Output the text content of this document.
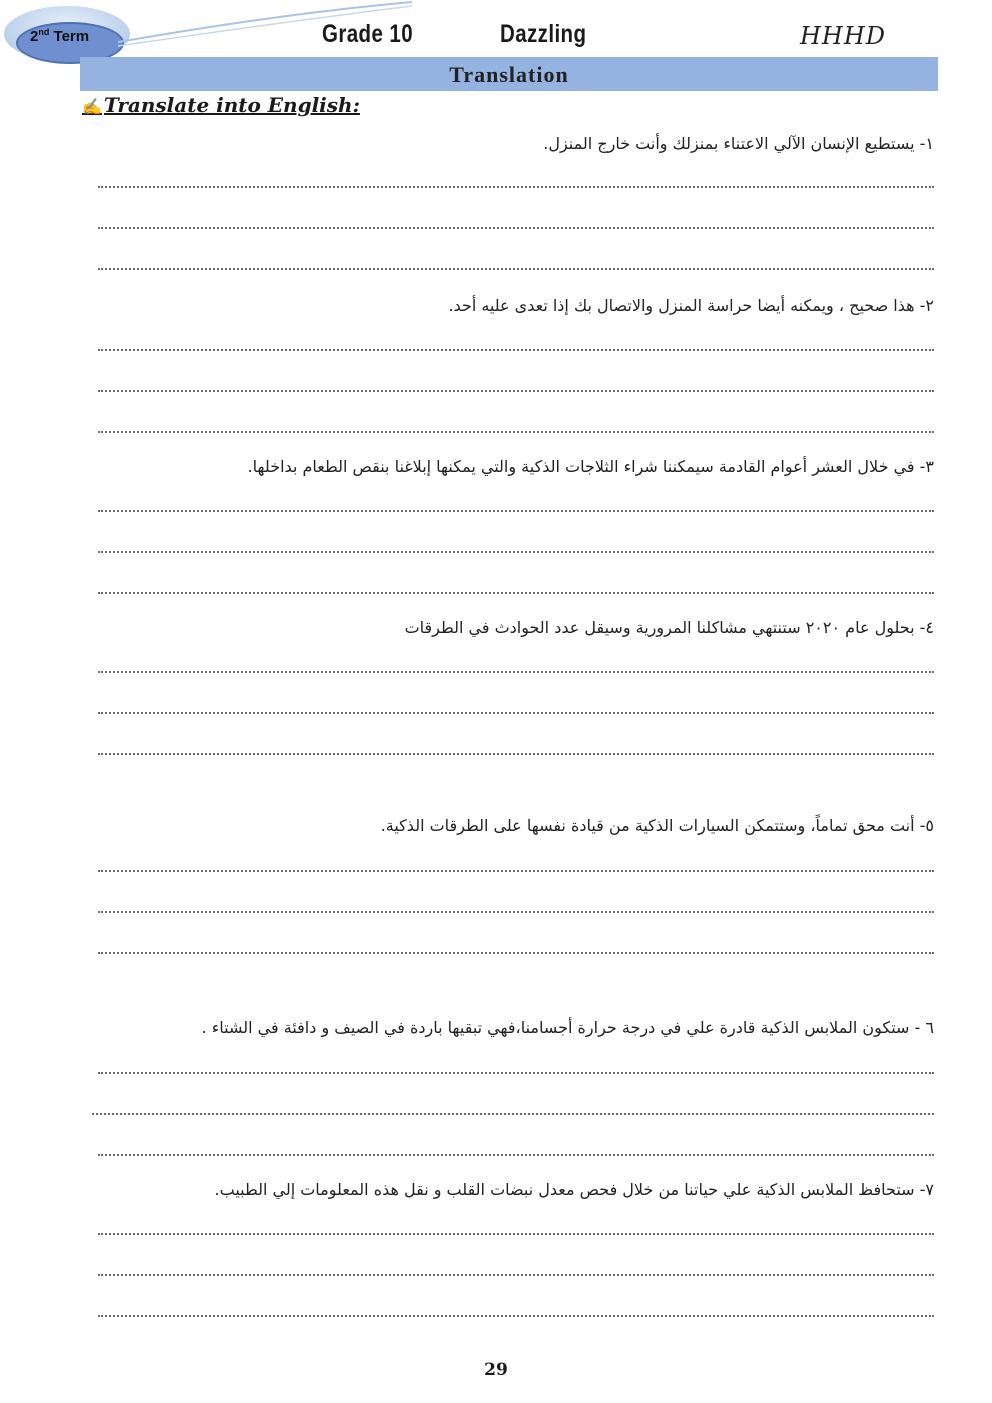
2nd Term	Grade 10	Dazzling	HHHD
Translation
✍ Translate into English:
١- يستطيع الإنسان الآلي الاعتناء بمنزلك وأنت خارج المنزل.
٢- هذا صحيح ، ويمكنه أيضا حراسة المنزل والاتصال بك إذا تعدى عليه أحد.
٣- في خلال العشر أعوام القادمة سيمكننا شراء الثلاجات الذكية والتي يمكنها إبلاغنا بنقص الطعام بداخلها.
٤- بحلول عام ٢٠٢٠ ستنتهي مشاكلنا المرورية وسيقل عدد الحوادث في الطرقات
٥- أنت محق تماماً، وستتمكن السيارات الذكية من قيادة نفسها على الطرقات الذكية.
٦ - ستكون الملابس الذكية قادرة علي في درجة حرارة أجسامنا،فهي تبقيها باردة في الصيف و دافئة في الشتاء .
٧- ستحافظ الملابس الذكية علي حياتنا من خلال فحص معدل نبضات القلب و نقل هذه المعلومات إلي الطبيب.
29
